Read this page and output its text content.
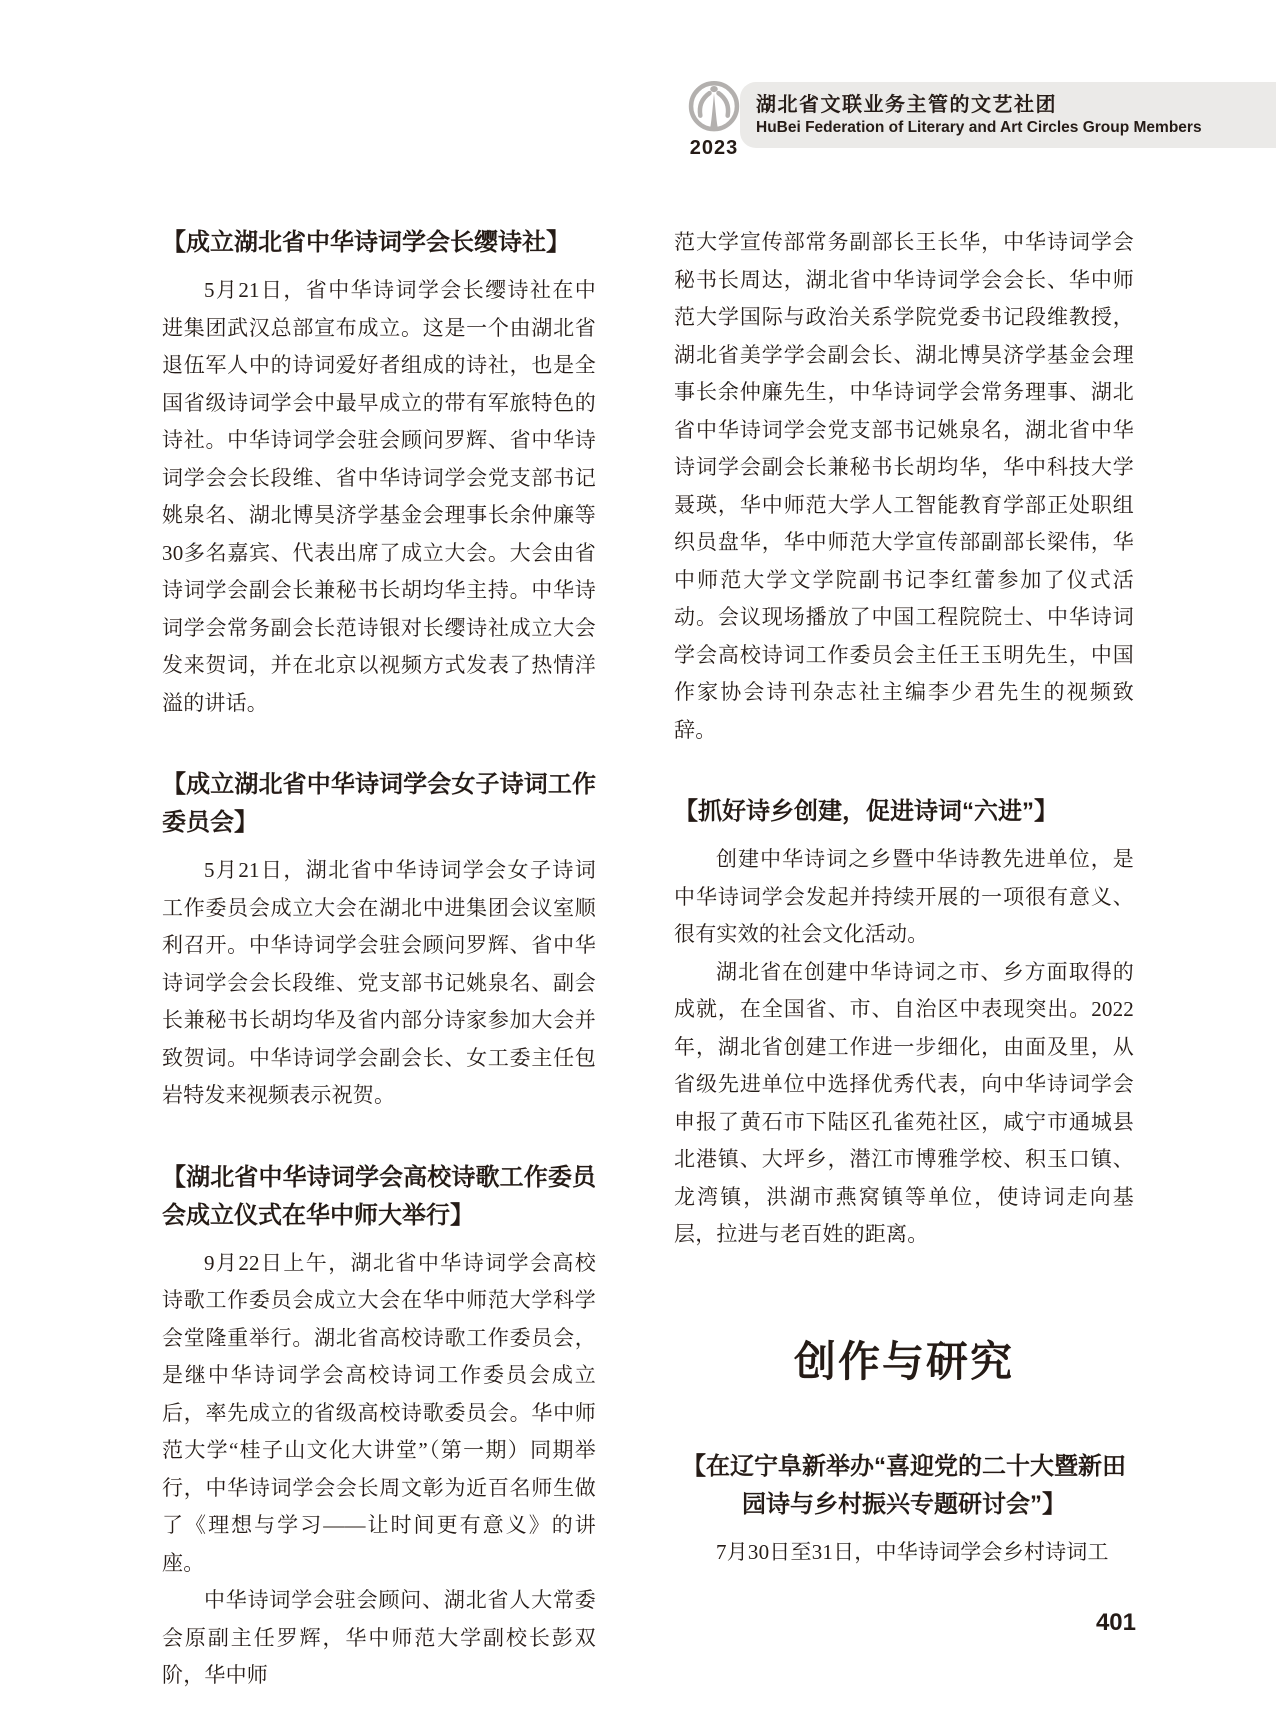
2023
湖北省文联业务主管的文艺社团
HuBei Federation of Literary and Art Circles Group Members
【成立湖北省中华诗词学会长缨诗社】

5月21日，省中华诗词学会长缨诗社在中进集团武汉总部宣布成立。这是一个由湖北省退伍军人中的诗词爱好者组成的诗社，也是全国省级诗词学会中最早成立的带有军旅特色的诗社。中华诗词学会驻会顾问罗辉、省中华诗词学会会长段维、省中华诗词学会党支部书记姚泉名、湖北博昊济学基金会理事长余仲廉等30多名嘉宾、代表出席了成立大会。大会由省诗词学会副会长兼秘书长胡均华主持。中华诗词学会常务副会长范诗银对长缨诗社成立大会发来贺词，并在北京以视频方式发表了热情洋溢的讲话。

【成立湖北省中华诗词学会女子诗词工作委员会】

5月21日，湖北省中华诗词学会女子诗词工作委员会成立大会在湖北中进集团会议室顺利召开。中华诗词学会驻会顾问罗辉、省中华诗词学会会长段维、党支部书记姚泉名、副会长兼秘书长胡均华及省内部分诗家参加大会并致贺词。中华诗词学会副会长、女工委主任包岩特发来视频表示祝贺。

【湖北省中华诗词学会高校诗歌工作委员会成立仪式在华中师大举行】

9月22日上午，湖北省中华诗词学会高校诗歌工作委员会成立大会在华中师范大学科学会堂隆重举行。湖北省高校诗歌工作委员会，是继中华诗词学会高校诗词工作委员会成立后，率先成立的省级高校诗歌委员会。华中师范大学“桂子山文化大讲堂”（第一期）同期举行，中华诗词学会会长周文彰为近百名师生做了《理想与学习——让时间更有意义》的讲座。

中华诗词学会驻会顾问、湖北省人大常委会原副主任罗辉，华中师范大学副校长彭双阶，华中师

范大学宣传部常务副部长王长华，中华诗词学会秘书长周达，湖北省中华诗词学会会长、华中师范大学国际与政治关系学院党委书记段维教授，湖北省美学学会副会长、湖北博昊济学基金会理事长余仲廉先生，中华诗词学会常务理事、湖北省中华诗词学会党支部书记姚泉名，湖北省中华诗词学会副会长兼秘书长胡均华，华中科技大学聂瑛，华中师范大学人工智能教育学部正处职组织员盘华，华中师范大学宣传部副部长梁伟，华中师范大学文学院副书记李红蕾参加了仪式活动。会议现场播放了中国工程院院士、中华诗词学会高校诗词工作委员会主任王玉明先生，中国作家协会诗刊杂志社主编李少君先生的视频致辞。

【抓好诗乡创建，促进诗词“六进”】

创建中华诗词之乡暨中华诗教先进单位，是中华诗词学会发起并持续开展的一项很有意义、很有实效的社会文化活动。

湖北省在创建中华诗词之市、乡方面取得的成就，在全国省、市、自治区中表现突出。2022年，湖北省创建工作进一步细化，由面及里，从省级先进单位中选择优秀代表，向中华诗词学会申报了黄石市下陆区孔雀苑社区，咸宁市通城县北港镇、大坪乡，潜江市博雅学校、积玉口镇、龙湾镇，洪湖市燕窝镇等单位，使诗词走向基层，拉进与老百姓的距离。

创作与研究
【在辽宁阜新举办“喜迎党的二十大暨新田园诗与乡村振兴专题研讨会”】

7月30日至31日，中华诗词学会乡村诗词工

401
